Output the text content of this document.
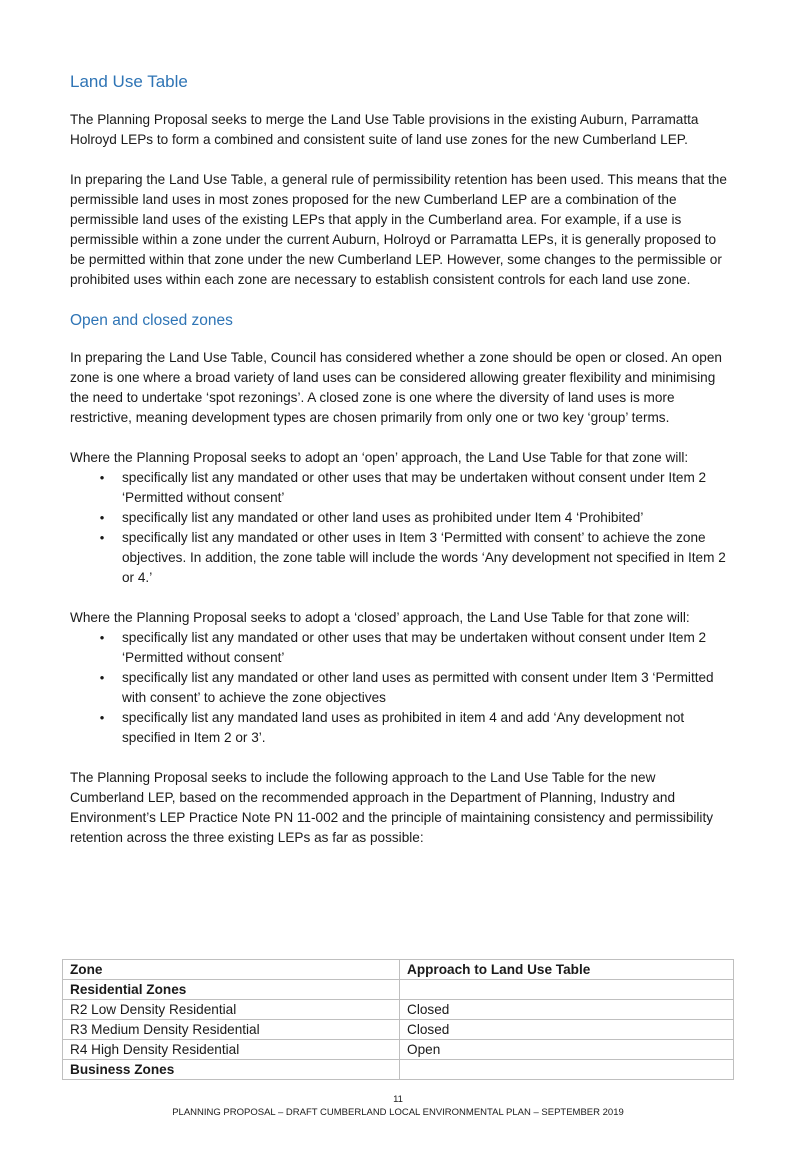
Land Use Table

The Planning Proposal seeks to merge the Land Use Table provisions in the existing Auburn, Parramatta Holroyd LEPs to form a combined and consistent suite of land use zones for the new Cumberland LEP.

In preparing the Land Use Table, a general rule of permissibility retention has been used. This means that the permissible land uses in most zones proposed for the new Cumberland LEP are a combination of the permissible land uses of the existing LEPs that apply in the Cumberland area. For example, if a use is permissible within a zone under the current Auburn, Holroyd or Parramatta LEPs, it is generally proposed to be permitted within that zone under the new Cumberland LEP. However, some changes to the permissible or prohibited uses within each zone are necessary to establish consistent controls for each land use zone.

Open and closed zones

In preparing the Land Use Table, Council has considered whether a zone should be open or closed. An open zone is one where a broad variety of land uses can be considered allowing greater flexibility and minimising the need to undertake ‘spot rezonings’. A closed zone is one where the diversity of land uses is more restrictive, meaning development types are chosen primarily from only one or two key ‘group’ terms.

Where the Planning Proposal seeks to adopt an ‘open’ approach, the Land Use Table for that zone will:

• specifically list any mandated or other uses that may be undertaken without consent under Item 2 ‘Permitted without consent’
• specifically list any mandated or other land uses as prohibited under Item 4 ‘Prohibited’
• specifically list any mandated or other uses in Item 3 ‘Permitted with consent’ to achieve the zone objectives. In addition, the zone table will include the words ‘Any development not specified in Item 2 or 4.’

Where the Planning Proposal seeks to adopt a ‘closed’ approach, the Land Use Table for that zone will:

• specifically list any mandated or other uses that may be undertaken without consent under Item 2 ‘Permitted without consent’
• specifically list any mandated or other land uses as permitted with consent under Item 3 ‘Permitted with consent’ to achieve the zone objectives
• specifically list any mandated land uses as prohibited in item 4 and add ‘Any development not specified in Item 2 or 3’.

The Planning Proposal seeks to include the following approach to the Land Use Table for the new Cumberland LEP, based on the recommended approach in the Department of Planning, Industry and Environment’s LEP Practice Note PN 11-002 and the principle of maintaining consistency and permissibility retention across the three existing LEPs as far as possible:

Zone	Approach to Land Use Table
Residential Zones	
R2 Low Density Residential	Closed
R3 Medium Density Residential	Closed
R4 High Density Residential	Open
Business Zones	
11
PLANNING PROPOSAL – DRAFT CUMBERLAND LOCAL ENVIRONMENTAL PLAN – SEPTEMBER 2019
